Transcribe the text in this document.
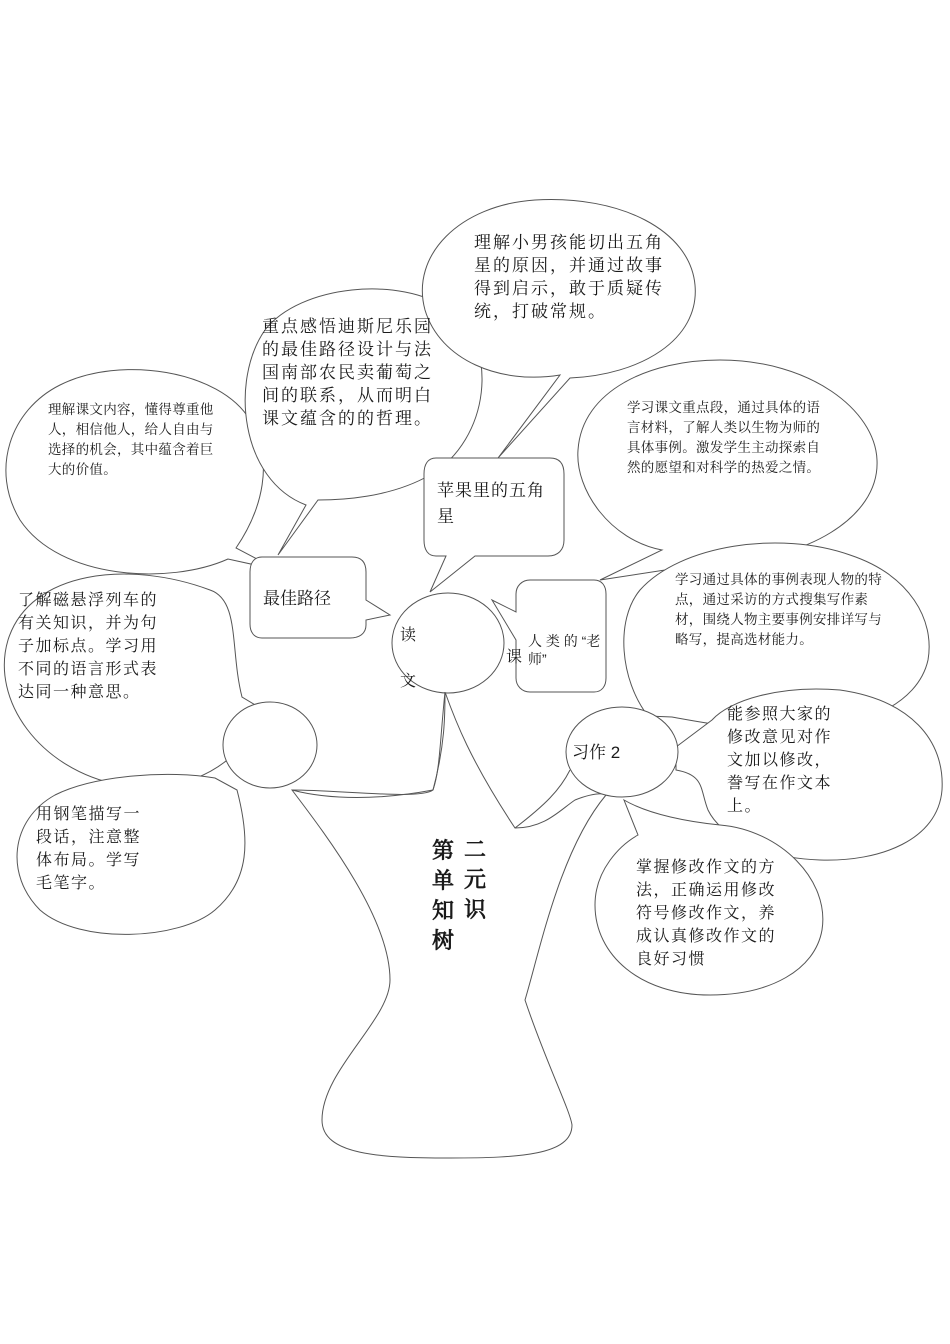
课
读
文
理解课文内容，懂得尊重他人，相信他人，给人自由与选择的机会，其中蕴含着巨大的价值。
重点感悟迪斯尼乐园的最佳路径设计与法国南部农民卖葡萄之间的联系，从而明白课文蕴含的的哲理。
理解小男孩能切出五角星的原因，并通过故事得到启示，敢于质疑传统，打破常规。
学习课文重点段，通过具体的语言材料，了解人类以生物为师的具体事例。激发学生主动探索自然的愿望和对科学的热爱之情。
了解磁悬浮列车的有关知识，并为句子加标点。学习用不同的语言形式表达同一种意思。
用钢笔描写一段话，注意整体布局。学写毛笔字。
学习通过具体的事例表现人物的特点，通过采访的方式搜集写作素材，围绕人物主要事例安排详写与略写，提高选材能力。
能参照大家的修改意见对作文加以修改，誊写在作文本上。
掌握修改作文的方法，正确运用修改符号修改作文，养成认真修改作文的良好习惯
最佳路径
苹果里的五角星
人 类 的 “老师”
习作 2
二元识
第单知树
